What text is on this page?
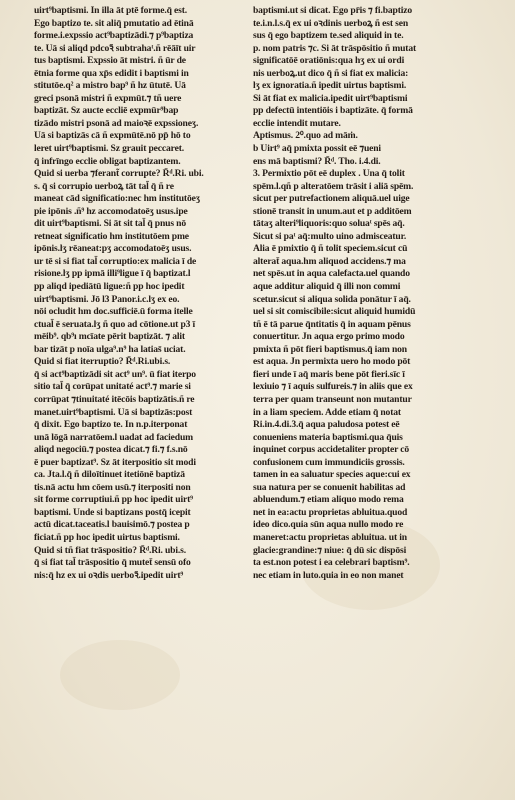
uirt⁹baptismi. In illa āt ptē forme.q̄ est.
Ego baptizo te. sit aliq̄ pmutatio ad ētinā
forme.i.expssio act⁹baptizādi.⁊ p⁹baptiza
te. Uā si aliqd pdcoꝛ̄ subtrahaᵗ.ñ rēāīt uir
tus baptismi. Expssio āt mistri. ñ ūr de
ētnia forme qua xp̄s edidit i baptismi in
stitutōe.q² a mistro bap⁹ ñ hz ūtutē. Uā
greci psonā mistri ñ expmūt.⁊ tñ uere
baptizāt. Sz aucte eccliē expmūr⁹bap
tizādo mistri psonā ad maioꝛē expssioneʒ.
Uā si baptizās cā ñ expmūtē.nō pp̄ hō to
leret uirt⁹baptismi. Sz grauit peccaret.
q̄ infrīngo ecclie obligat baptizantem.
Quid si uerba ⁊ferant͂ corrupte? R̄ᵈ.Ri. ubi.
s. q̄ si corrupio uerboꝝ tāt tal̄ q̄ ñ re
maneat cād significatio:nec hm institutōeʒ
pie ipōnis .ñ⁹ hz accomodatoēʒ usus.ipe
dit uirt⁹baptismi. Si āt sit tal̄ q̄ pnus nō
retneat significatio hm institutōem pme
ipōnis.lʒ rēaneat:pʒ accomodatoēʒ usus.
ur tē si si fiat tal̄ corruptio:ex malicia ī de
risione.lʒ pp ipmā illi⁹ligue ī q̄ baptizat.l
pp aliqd ipediātū ligue:ñ pp hoc ipedit
uirt⁹baptismi. Jō l3 Panor.i.c.lʒ ex eo.
nōi ocludit hm doc.sufficiē.ū forma itelle
ctual̄ ē seruata.lʒ ñ quo ad cōtione.ut p3 ī
mēib⁹. qb⁹ı mcīate pērit baptizāt. ⁊ alit
bar tizāt p noīa ulga⁹.n⁹ ha latias̄ uciat.
Quid si fiat iterruptio? R̄ᵈ.Ri.ubi.s.
q̄ si act⁹baptizādi sit act⁹ un⁹. ū fiat iterpo
sitio tal̄ q̄ corūpat unitaté act⁹.⁊ marie si
corrūpat ⁊tinuitaté itēcōis baptizātis.ñ re
manet.uirt⁹baptismi. Uā si baptizās:post
q̄ dixit. Ego baptizo te. In n.p.iterponat
unā lōgā narratōem.l uadat ad faciedum
aliqd negociū.⁊ postea dicat.⁊ fi.⁊ f.s.nō
ē puer baptizat⁹. Sz āt iterpositio sit modi
ca. Jta.l.q̄ ñ diloītinuet itetiōnē baptizā
tis.nā actu hm cōem usū.⁊ iterpositi non
sit forme corruptiui.ñ pp hoc ipedit uirt⁹
baptismi. Unde si baptizans postq̄ icepit
actū dicat.taceatis.l bauisimō.⁊ postea p
ficiat.ñ pp hoc ipedit uirtus baptismi.
Quid si tñ fiat trāspositio? R̄ᵈ.Ri. ubi.s.
q̄ si fiat tal̄ trāspositio q̄ mutet̄ sensū ofo
nis:q̄ hz ex ui oꝛdis uerboꝛ̄.ipedit uirt⁹
baptismi.ut si dicat. Ego pr̄is ⁊ fi.baptizo
te.i.n.l.s.q̄ ex ui oꝛdinis uerboꝝ ñ est sen
sus q̄ ego baptizem te.sed aliquid in te.
p. nom patris ⁊c. Si āt trāspōsitio ñ mutat
significatōē oratiōnis:qua hʒ ex ui ordi
nis uerboꝝ.ut dico q̄ ñ si fiat ex malicia:
lʒ ex ignoratia.ñ ipedit uirtus baptismi.
Si āt fiat ex malicia.ipedit uirt⁹baptismi
pp defectū intentiōis i baptizāte. q̄ formā
ecclie intendit mutare.
Aptismus. 2⁰.quo ad māṁ.
b Uirt⁹ aq̄ pmixta possit eē ⁊ueni
ens mā baptismi? R̄ᵈ. Tho. i.4.di.
3. Permixtio pōt eē duplex . Una q̄ tolit
spēm.l.qñ p alteratōem trāsit i aliā spēm.
sicut per putrefactionem aliquā.uel uige
stionē transit in unum.aut et p additōem
tātaʒ alteri⁹liquoris:quo soluaᵗ spēs aq̄.
Sicut si paᵗ aq̄:multo uino admisceatur.
Alia ē pmixtio q̄ ñ tolit speciem.sicut cū
alterat̄ aqua.hm aliquod accidens.⁊ ma
net spēs.ut in aqua calefacta.uel quando
aque additur aliquid q̄ illi non commi
scetur.sicut si aliqua solida ponātur ī aq̄.
uel si sit comiscibile:sicut aliquid humidū
tñ ē tā parue q̄ntitatis q̄ in aquam pēnus
conuertitur. Jn aqua ergo primo modo
pmixta ñ pōt fieri baptismus.q̄ iam non
est aqua. Jn permixta uero ho modo pōt
fieri unde ī aq̄ maris bene pōt fieri.sīc ī
lexiuio ⁊ ī aquis sulfureis.⁊ in aliis que ex
terra per quam transeunt non mutantur
in a liam speciem. Adde etiam q̄ notat
Ri.in.4.di.3.q̄ aqua paludosa potest eē
conueniens materia baptismi.qua q̄uis
inquinet corpus accidetaliter propter cō
confusionem cum immundiciis grossis.
tamen in ea saluatur species aque:cui ex
sua natura per se conuenit habilitas ad
abluendum.⁊ etiam aliquo modo rema
net in ea:actu proprietas abluitua.quod
ideo dico.quia sūn aqua nullo modo re
maneret:actu proprietas abluitua. ut in
glacie:grandine:⁊ niue: q̄ dū sic dispōsi
ta est.non potest i ea celebrari baptism⁹.
nec etiam in luto.quia in eo non manet
